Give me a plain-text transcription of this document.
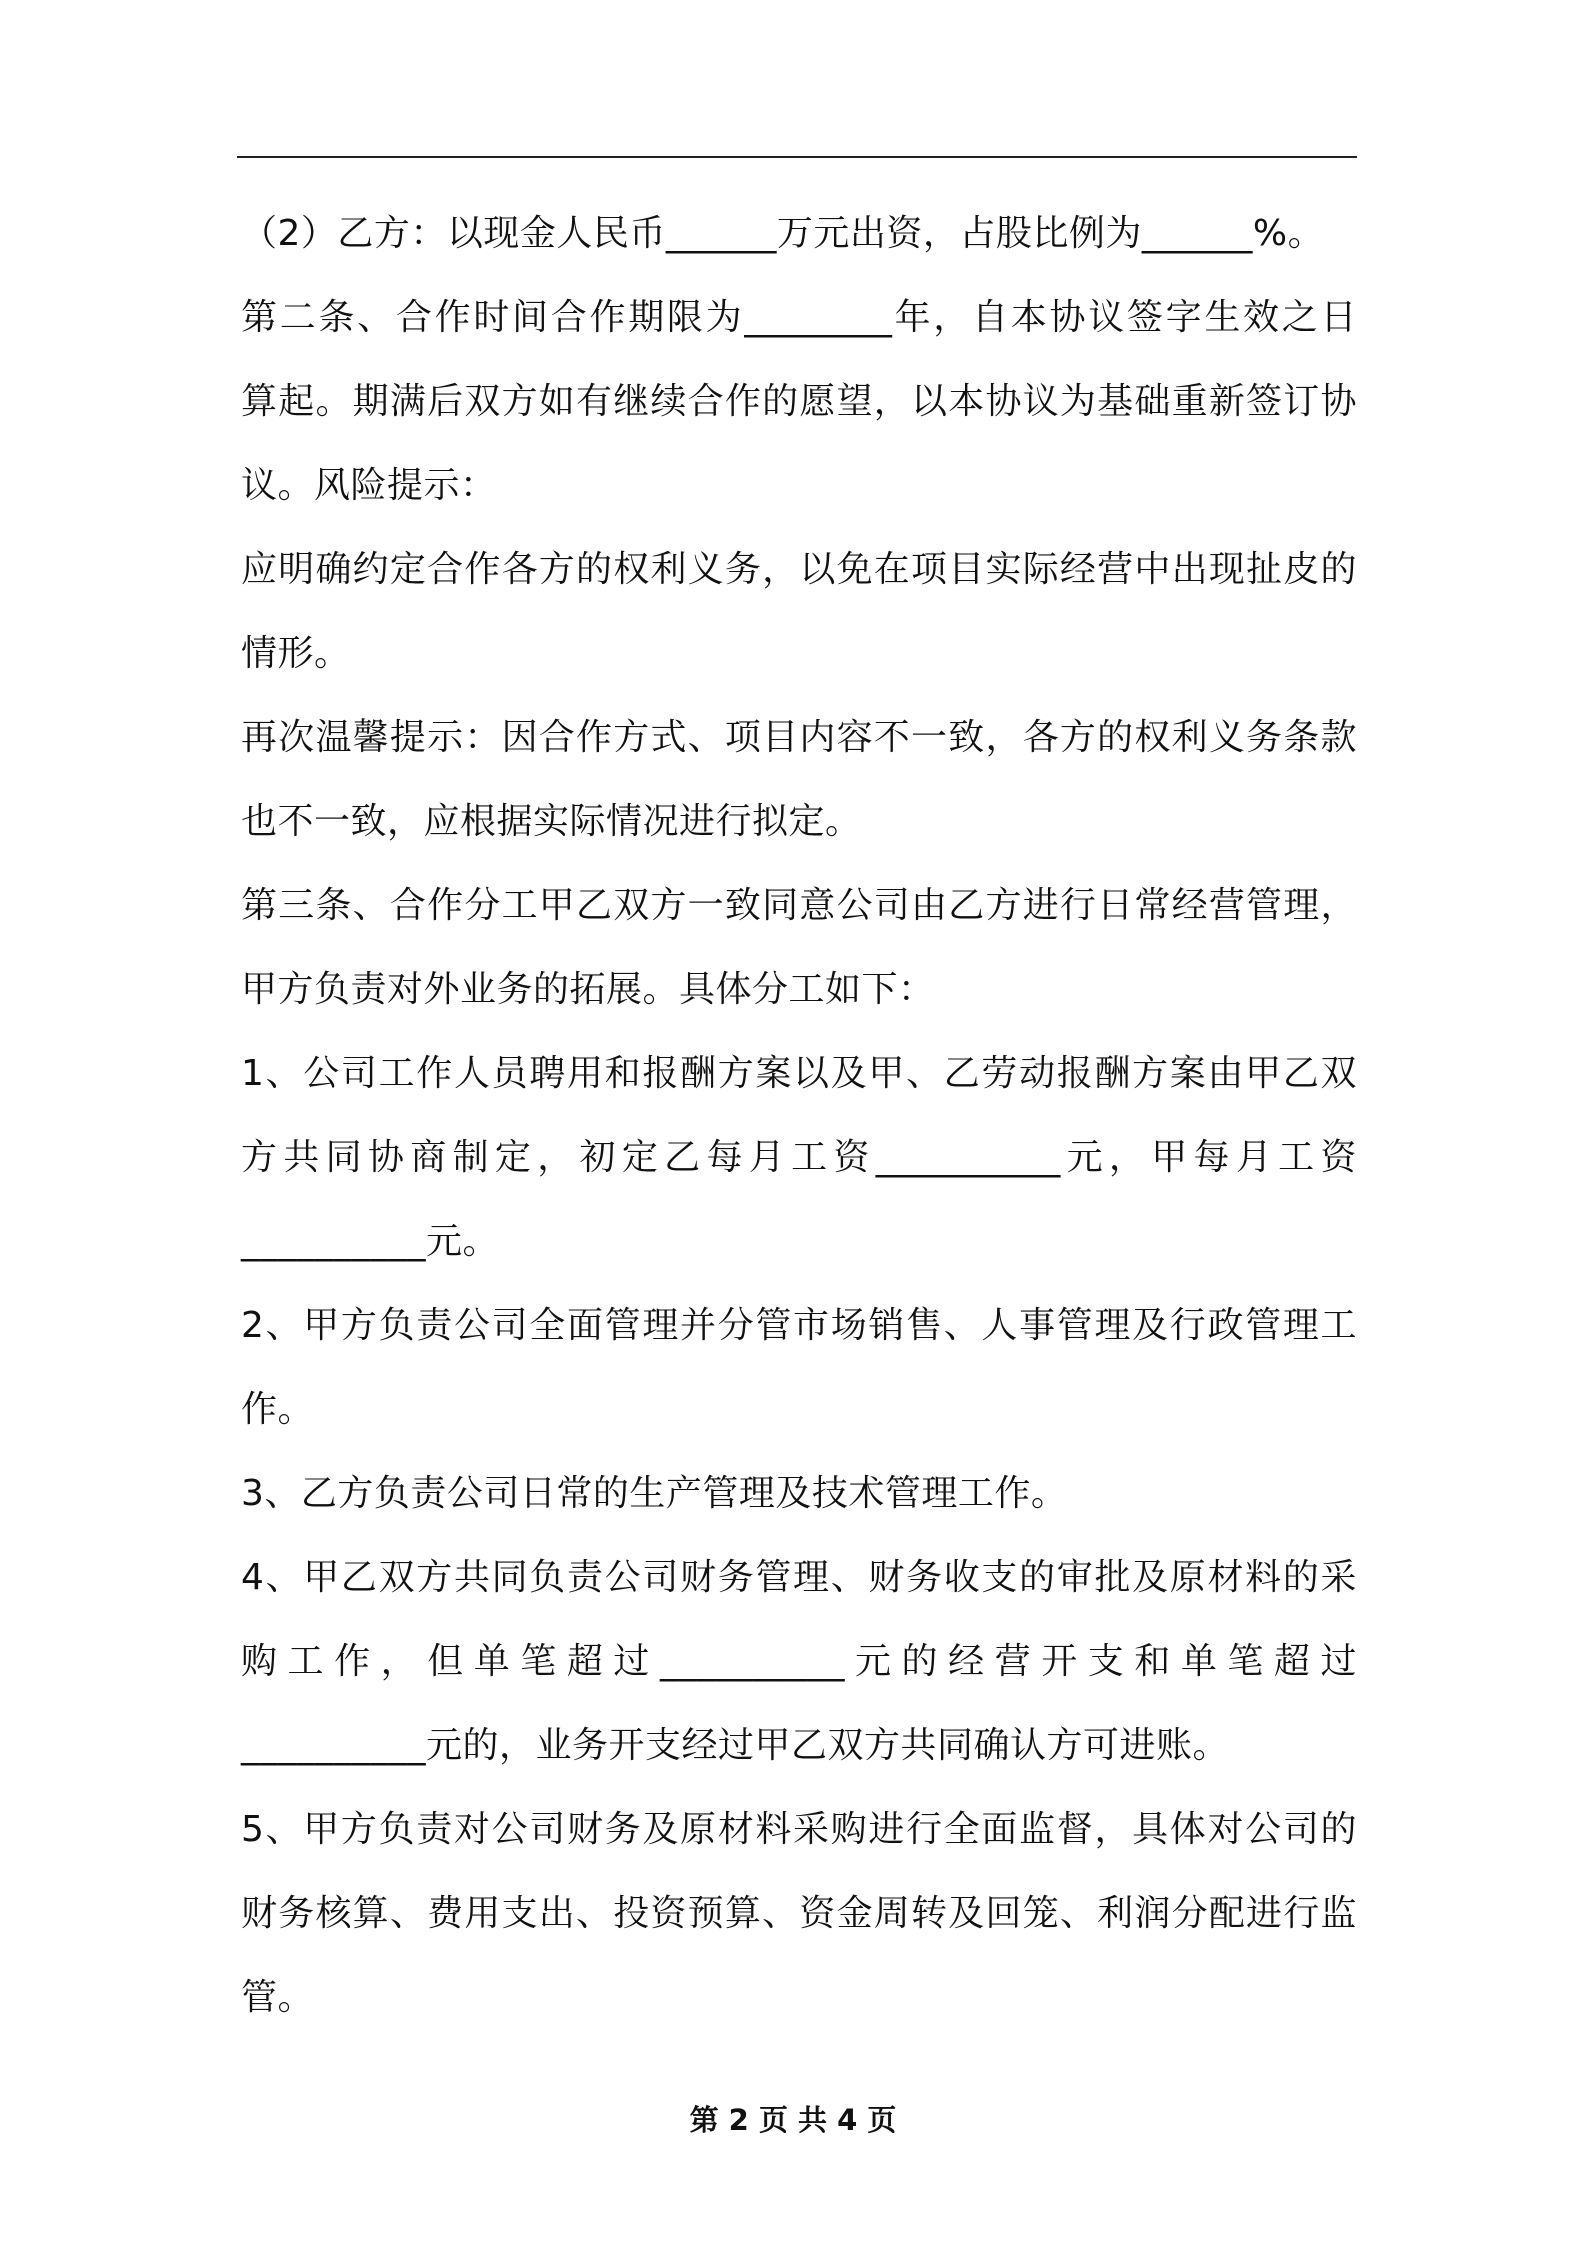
（2）乙方：以现金人民币______万元出资，占股比例为______%。
第二条、合作时间合作期限为________年，自本协议签字生效之日
算起。期满后双方如有继续合作的愿望，以本协议为基础重新签订协
议。风险提示：
应明确约定合作各方的权利义务，以免在项目实际经营中出现扯皮的
情形。
再次温馨提示：因合作方式、项目内容不一致，各方的权利义务条款
也不一致，应根据实际情况进行拟定。
第三条、合作分工甲乙双方一致同意公司由乙方进行日常经营管理，
甲方负责对外业务的拓展。具体分工如下：
1、公司工作人员聘用和报酬方案以及甲、乙劳动报酬方案由甲乙双
方共同协商制定，初定乙每月工资__________元，甲每月工资
__________元。
2、甲方负责公司全面管理并分管市场销售、人事管理及行政管理工
作。
3、乙方负责公司日常的生产管理及技术管理工作。
4、甲乙双方共同负责公司财务管理、财务收支的审批及原材料的采
购工作，但单笔超过__________元的经营开支和单笔超过
__________元的，业务开支经过甲乙双方共同确认方可进账。
5、甲方负责对公司财务及原材料采购进行全面监督，具体对公司的
财务核算、费用支出、投资预算、资金周转及回笼、利润分配进行监
管。
第 2 页 共 4 页
